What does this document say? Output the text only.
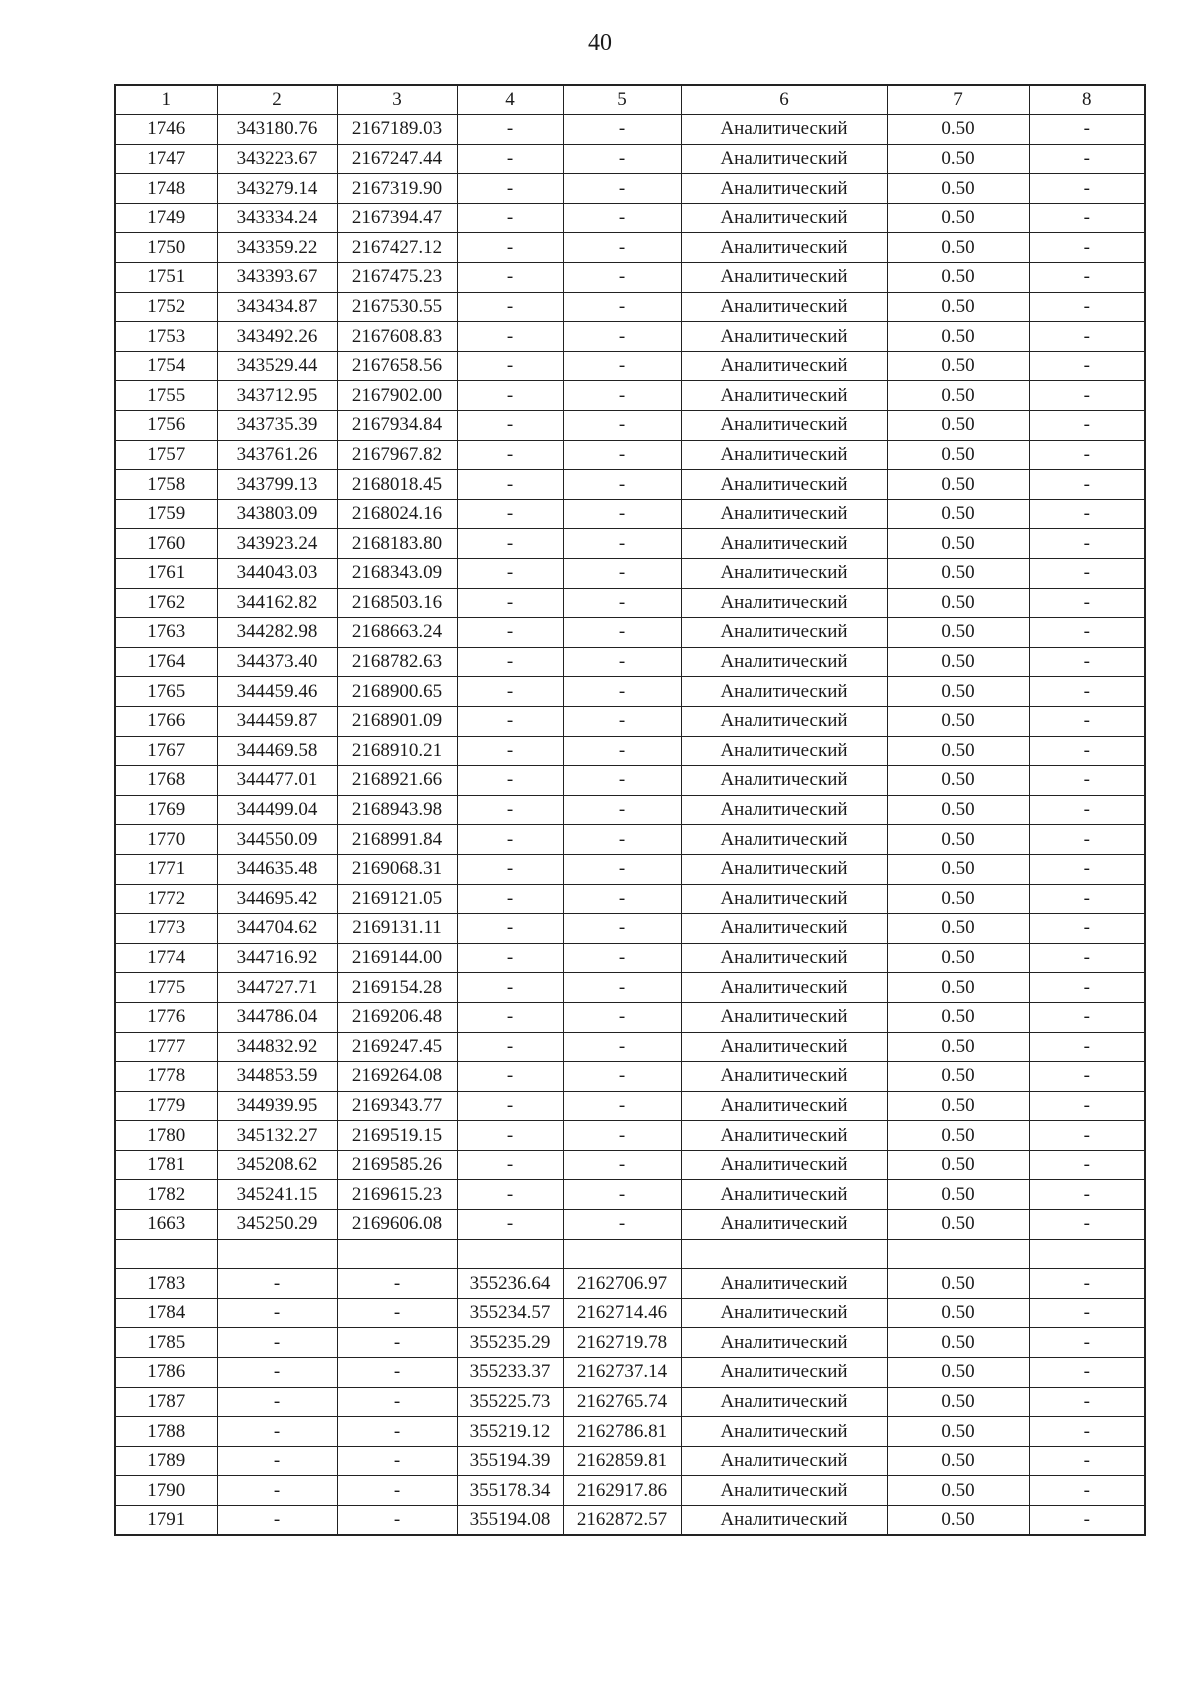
40
1	2	3	4	5	6	7	8
1746	343180.76	2167189.03	-	-	Аналитический	0.50	-
1747	343223.67	2167247.44	-	-	Аналитический	0.50	-
1748	343279.14	2167319.90	-	-	Аналитический	0.50	-
1749	343334.24	2167394.47	-	-	Аналитический	0.50	-
1750	343359.22	2167427.12	-	-	Аналитический	0.50	-
1751	343393.67	2167475.23	-	-	Аналитический	0.50	-
1752	343434.87	2167530.55	-	-	Аналитический	0.50	-
1753	343492.26	2167608.83	-	-	Аналитический	0.50	-
1754	343529.44	2167658.56	-	-	Аналитический	0.50	-
1755	343712.95	2167902.00	-	-	Аналитический	0.50	-
1756	343735.39	2167934.84	-	-	Аналитический	0.50	-
1757	343761.26	2167967.82	-	-	Аналитический	0.50	-
1758	343799.13	2168018.45	-	-	Аналитический	0.50	-
1759	343803.09	2168024.16	-	-	Аналитический	0.50	-
1760	343923.24	2168183.80	-	-	Аналитический	0.50	-
1761	344043.03	2168343.09	-	-	Аналитический	0.50	-
1762	344162.82	2168503.16	-	-	Аналитический	0.50	-
1763	344282.98	2168663.24	-	-	Аналитический	0.50	-
1764	344373.40	2168782.63	-	-	Аналитический	0.50	-
1765	344459.46	2168900.65	-	-	Аналитический	0.50	-
1766	344459.87	2168901.09	-	-	Аналитический	0.50	-
1767	344469.58	2168910.21	-	-	Аналитический	0.50	-
1768	344477.01	2168921.66	-	-	Аналитический	0.50	-
1769	344499.04	2168943.98	-	-	Аналитический	0.50	-
1770	344550.09	2168991.84	-	-	Аналитический	0.50	-
1771	344635.48	2169068.31	-	-	Аналитический	0.50	-
1772	344695.42	2169121.05	-	-	Аналитический	0.50	-
1773	344704.62	2169131.11	-	-	Аналитический	0.50	-
1774	344716.92	2169144.00	-	-	Аналитический	0.50	-
1775	344727.71	2169154.28	-	-	Аналитический	0.50	-
1776	344786.04	2169206.48	-	-	Аналитический	0.50	-
1777	344832.92	2169247.45	-	-	Аналитический	0.50	-
1778	344853.59	2169264.08	-	-	Аналитический	0.50	-
1779	344939.95	2169343.77	-	-	Аналитический	0.50	-
1780	345132.27	2169519.15	-	-	Аналитический	0.50	-
1781	345208.62	2169585.26	-	-	Аналитический	0.50	-
1782	345241.15	2169615.23	-	-	Аналитический	0.50	-
1663	345250.29	2169606.08	-	-	Аналитический	0.50	-

1783	-	-	355236.64	2162706.97	Аналитический	0.50	-
1784	-	-	355234.57	2162714.46	Аналитический	0.50	-
1785	-	-	355235.29	2162719.78	Аналитический	0.50	-
1786	-	-	355233.37	2162737.14	Аналитический	0.50	-
1787	-	-	355225.73	2162765.74	Аналитический	0.50	-
1788	-	-	355219.12	2162786.81	Аналитический	0.50	-
1789	-	-	355194.39	2162859.81	Аналитический	0.50	-
1790	-	-	355178.34	2162917.86	Аналитический	0.50	-
1791	-	-	355194.08	2162872.57	Аналитический	0.50	-
